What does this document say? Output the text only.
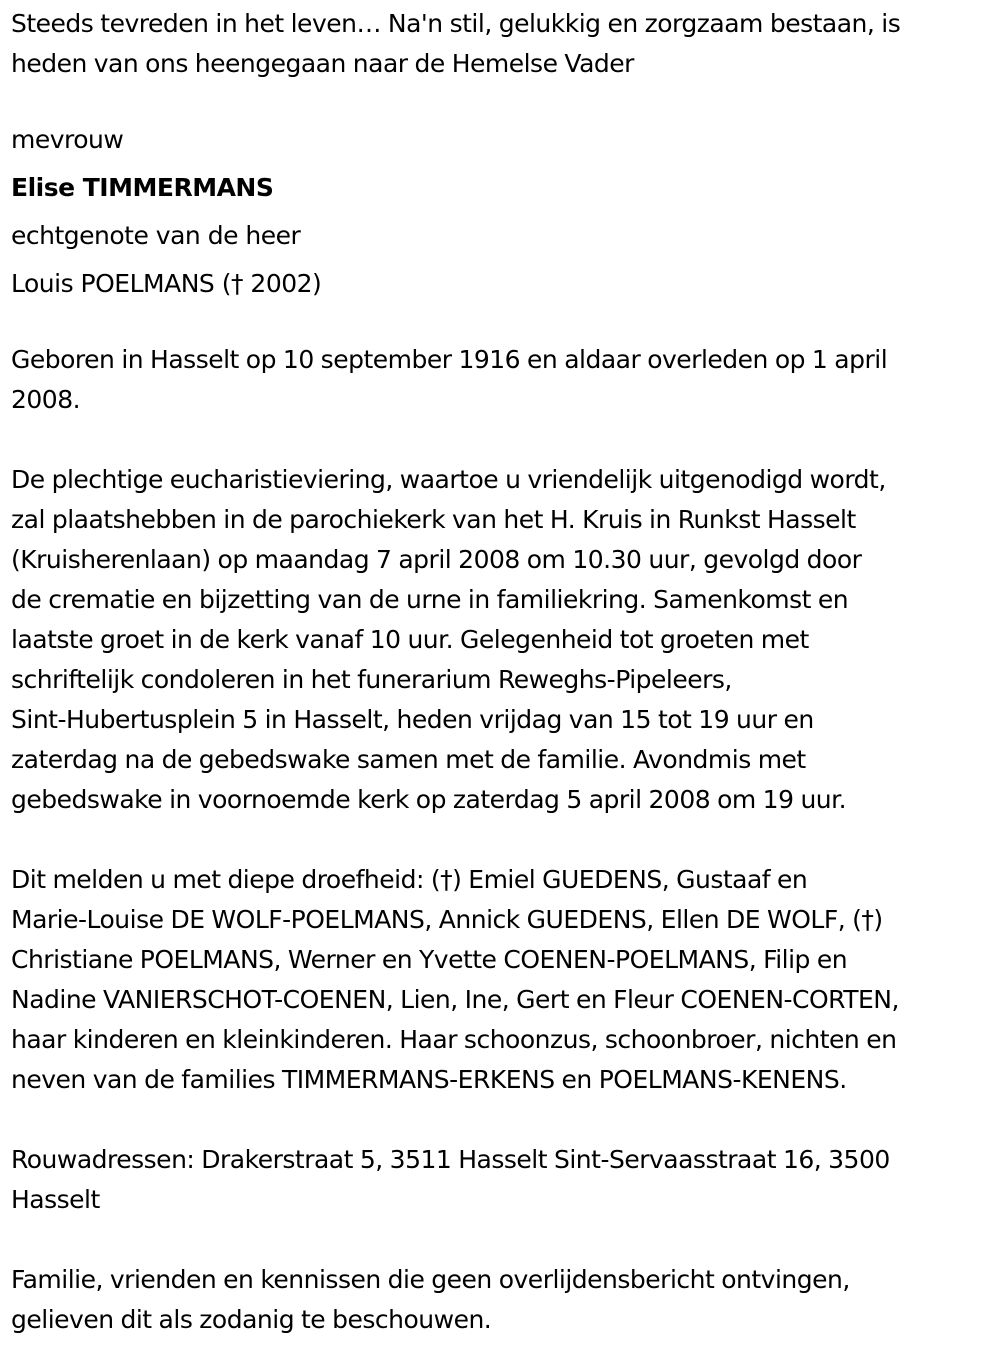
Steeds tevreden in het leven… Na'n stil, gelukkig en zorgzaam bestaan, is
heden van ons heengegaan naar de Hemelse Vader

mevrouw

Elise TIMMERMANS

echtgenote van de heer

Louis POELMANS († 2002)

Geboren in Hasselt op 10 september 1916 en aldaar overleden op 1 april
2008.

De plechtige eucharistieviering, waartoe u vriendelijk uitgenodigd wordt,
zal plaatshebben in de parochiekerk van het H. Kruis in Runkst Hasselt
(Kruisherenlaan) op maandag 7 april 2008 om 10.30 uur, gevolgd door
de crematie en bijzetting van de urne in familiekring. Samenkomst en
laatste groet in de kerk vanaf 10 uur. Gelegenheid tot groeten met
schriftelijk condoleren in het funerarium Reweghs-Pipeleers,
Sint-Hubertusplein 5 in Hasselt, heden vrijdag van 15 tot 19 uur en
zaterdag na de gebedswake samen met de familie. Avondmis met
gebedswake in voornoemde kerk op zaterdag 5 april 2008 om 19 uur.

Dit melden u met diepe droefheid: (†) Emiel GUEDENS, Gustaaf en
Marie-Louise DE WOLF-POELMANS, Annick GUEDENS, Ellen DE WOLF, (†)
Christiane POELMANS, Werner en Yvette COENEN-POELMANS, Filip en
Nadine VANIERSCHOT-COENEN, Lien, Ine, Gert en Fleur COENEN-CORTEN,
haar kinderen en kleinkinderen. Haar schoonzus, schoonbroer, nichten en
neven van de families TIMMERMANS-ERKENS en POELMANS-KENENS.

Rouwadressen: Drakerstraat 5, 3511 Hasselt Sint-Servaasstraat 16, 3500
Hasselt

Familie, vrienden en kennissen die geen overlijdensbericht ontvingen,
gelieven dit als zodanig te beschouwen.
